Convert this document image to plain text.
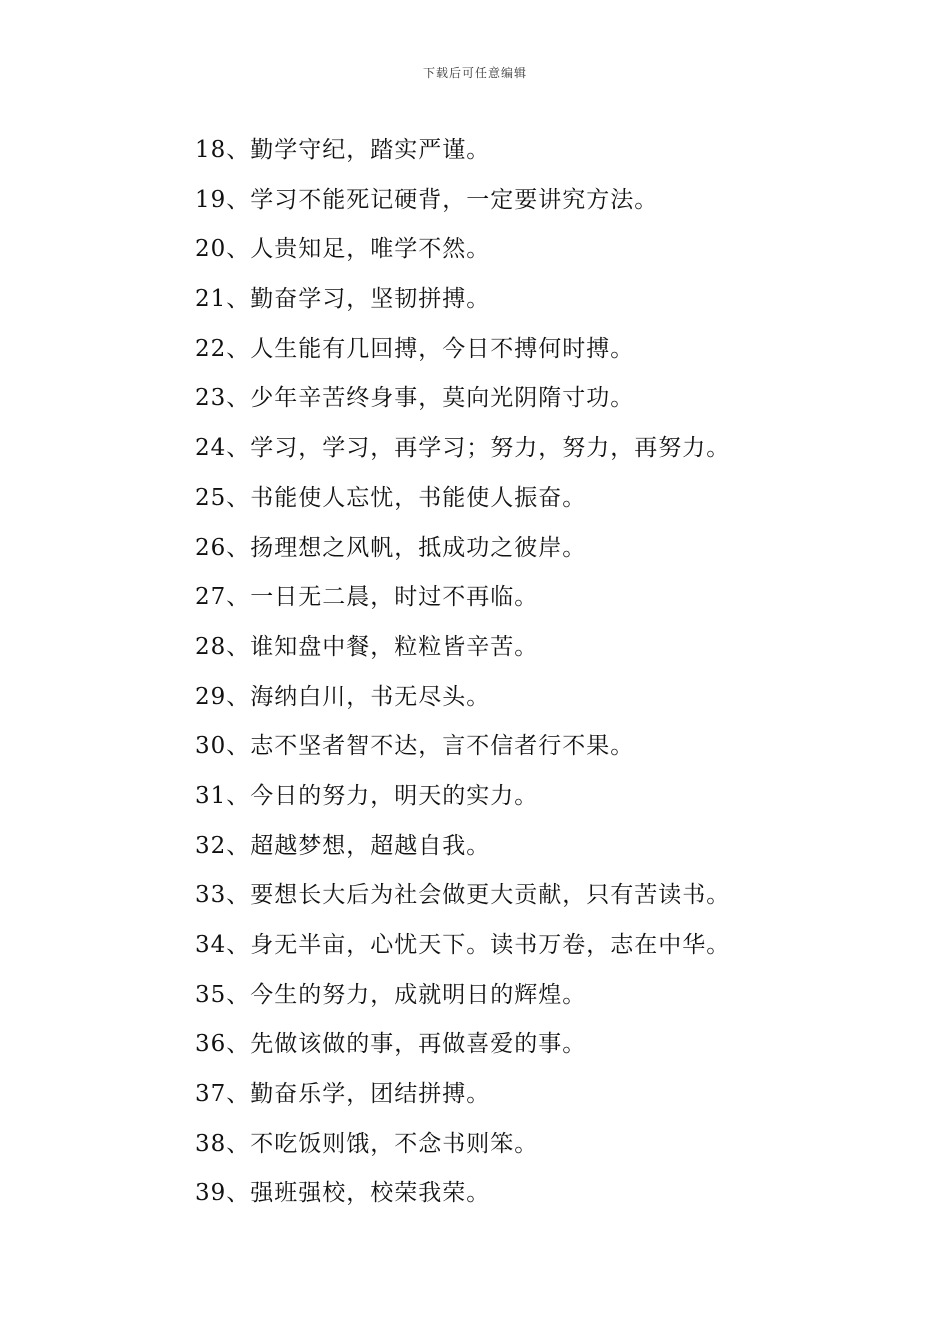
下载后可任意编辑
18、勤学守纪，踏实严谨。
19、学习不能死记硬背，一定要讲究方法。
20、人贵知足，唯学不然。
21、勤奋学习，坚韧拼搏。
22、人生能有几回搏，今日不搏何时搏。
23、少年辛苦终身事，莫向光阴隋寸功。
24、学习，学习，再学习；努力，努力，再努力。
25、书能使人忘忧，书能使人振奋。
26、扬理想之风帆，抵成功之彼岸。
27、一日无二晨，时过不再临。
28、谁知盘中餐，粒粒皆辛苦。
29、海纳白川，书无尽头。
30、志不坚者智不达，言不信者行不果。
31、今日的努力，明天的实力。
32、超越梦想，超越自我。
33、要想长大后为社会做更大贡献，只有苦读书。
34、身无半亩，心忧天下。读书万卷，志在中华。
35、今生的努力，成就明日的辉煌。
36、先做该做的事，再做喜爱的事。
37、勤奋乐学，团结拼搏。
38、不吃饭则饿，不念书则笨。
39、强班强校，校荣我荣。
